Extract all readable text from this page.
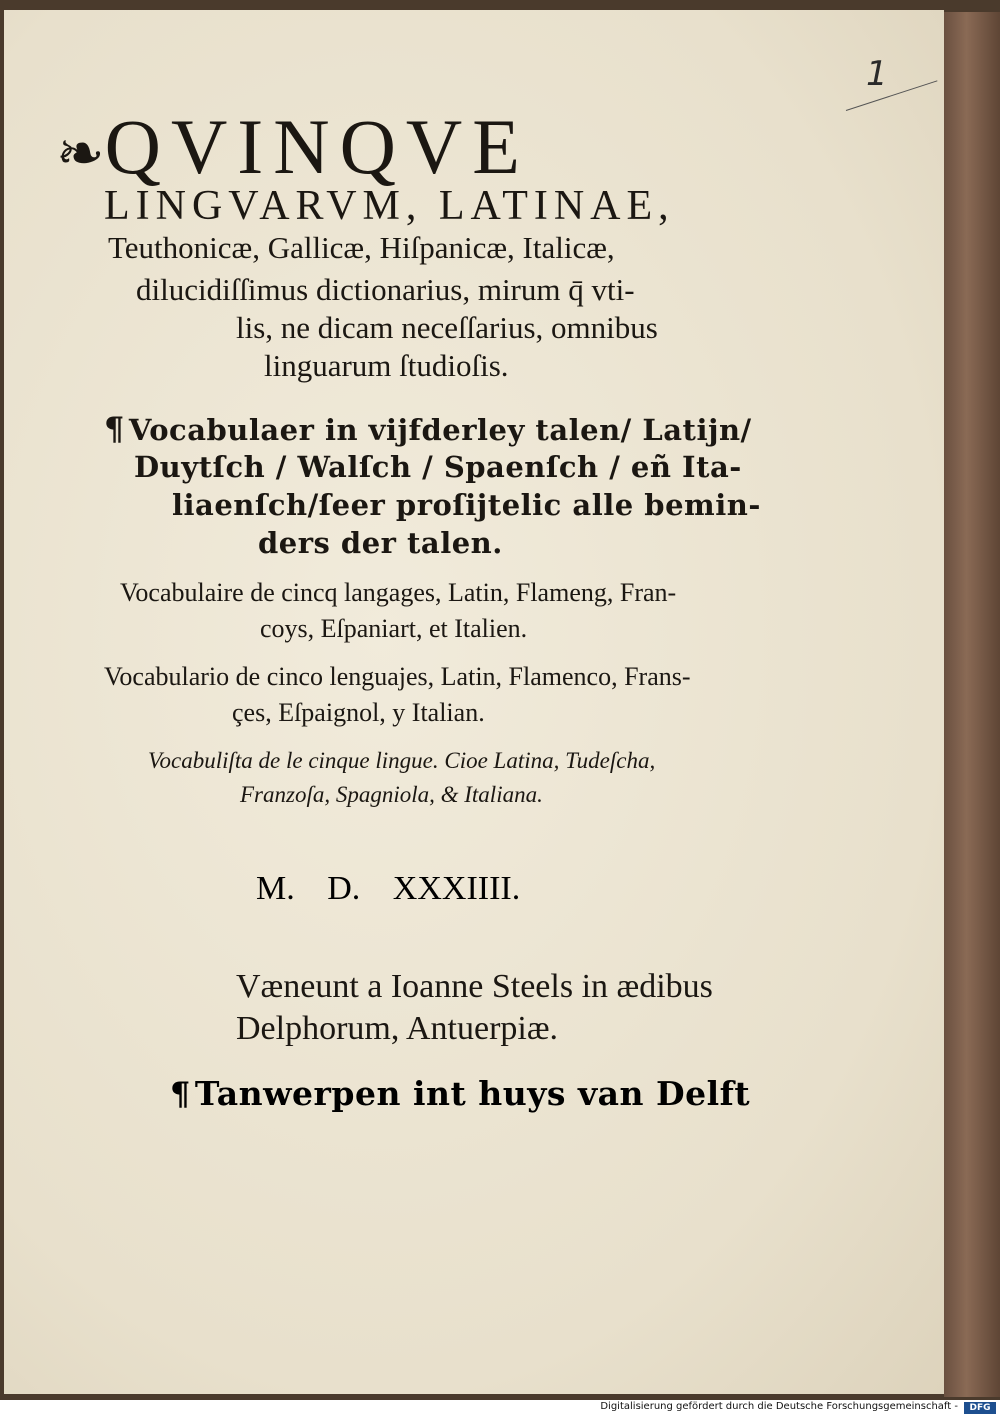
1
❧QVINQVE
LINGVARVM, LATINAE,
Teuthonicæ, Gallicæ, Hiſpanicæ, Italicæ,
dilucidiſſimus dictionarius, mirum q̄ vti-
lis, ne dicam neceſſarius, omnibus
linguarum ſtudioſis.
¶ Vocabulaer in vijfderley talen/ Latijn/
Duytſch / Walſch / Spaenſch / eñ Ita-
liaenſch/ſeer proſijtelic alle bemin-
ders der talen.
Vocabulaire de cincq langages, Latin, Flameng, Fran-
coys, Eſpaniart, et Italien.
Vocabulario de cinco lenguajes, Latin, Flamenco, Frans-
çes, Eſpaignol, y Italian.
Vocabuliſta de le cinque lingue. Cioe Latina, Tudeſcha,
Franzoſa, Spagniola, & Italiana.
M. D. XXXIIII.
Væneunt a Ioanne Steels in ædibus
Delphorum, Antuerpiæ.
¶ Tanwerpen int huys van Delft
Digitalisierung gefördert durch die Deutsche Forschungsgemeinschaft -	DFG
